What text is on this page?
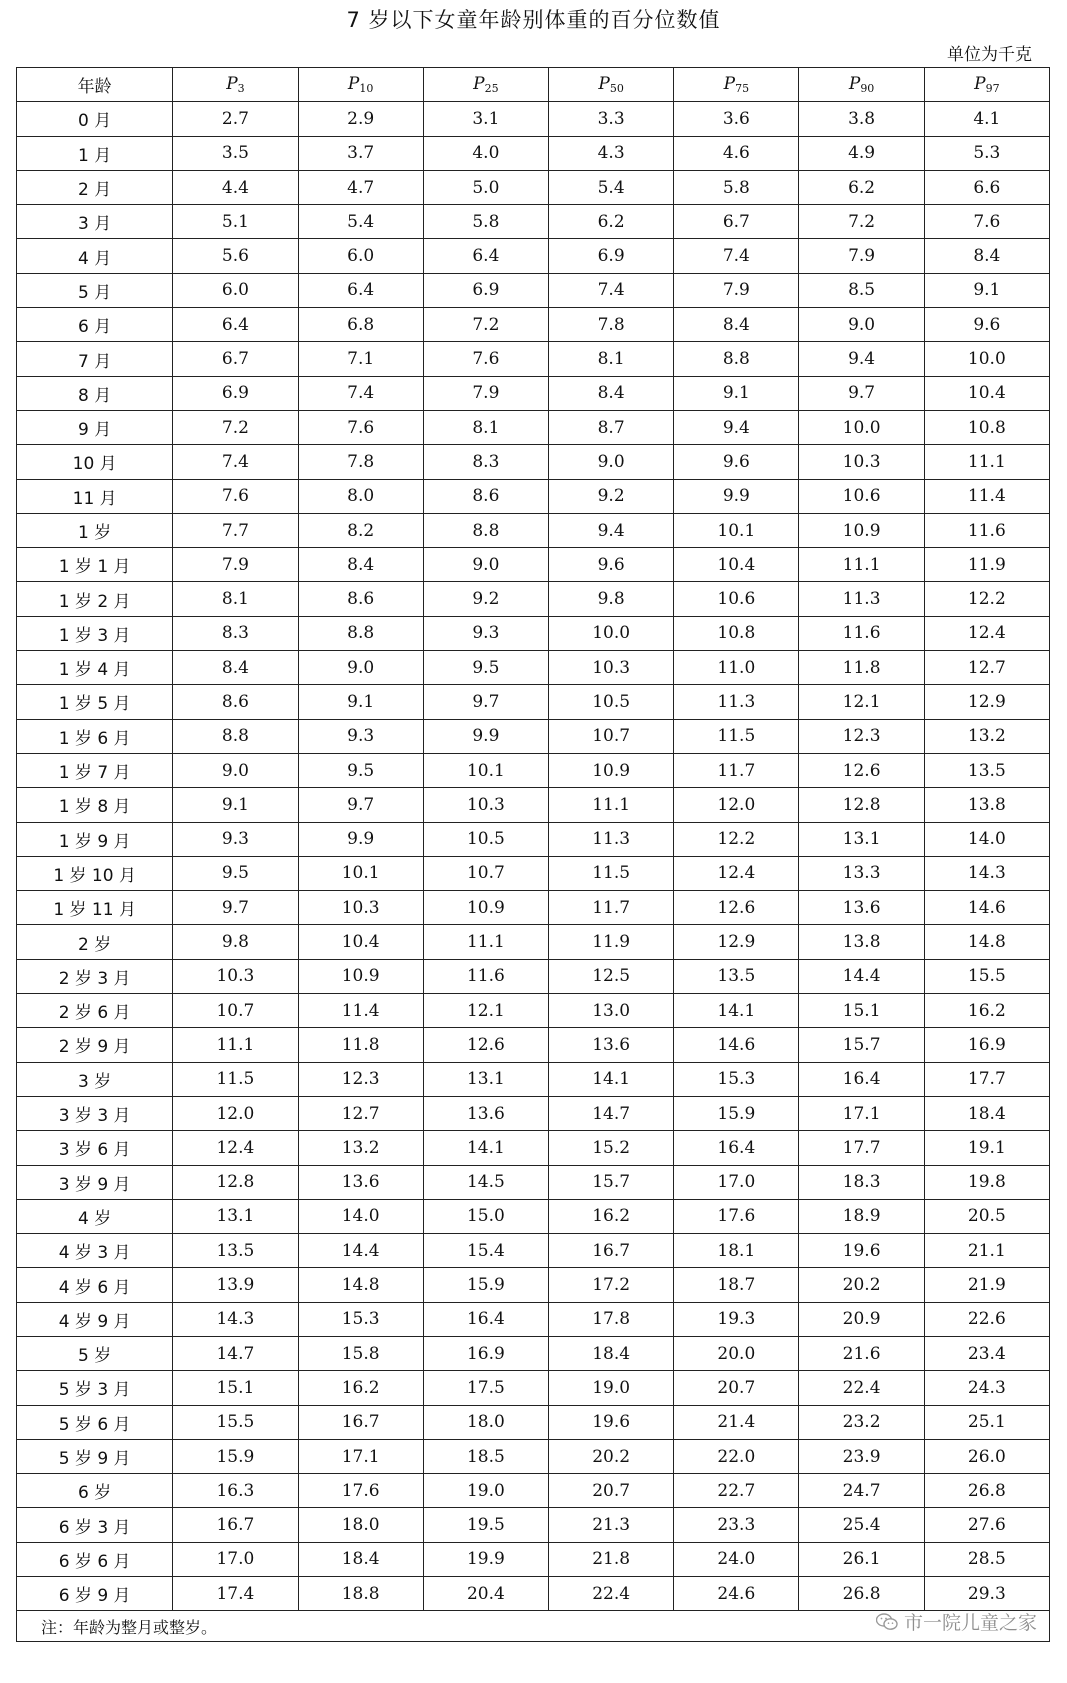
7 岁以下女童年龄别体重的百分位数值
单位为千克
年龄	$P_3$	$P_{10}$	$P_{25}$	$P_{50}$	$P_{75}$	$P_{90}$	$P_{97}$
0 月	2.7	2.9	3.1	3.3	3.6	3.8	4.1
1 月	3.5	3.7	4.0	4.3	4.6	4.9	5.3
2 月	4.4	4.7	5.0	5.4	5.8	6.2	6.6
3 月	5.1	5.4	5.8	6.2	6.7	7.2	7.6
4 月	5.6	6.0	6.4	6.9	7.4	7.9	8.4
5 月	6.0	6.4	6.9	7.4	7.9	8.5	9.1
6 月	6.4	6.8	7.2	7.8	8.4	9.0	9.6
7 月	6.7	7.1	7.6	8.1	8.8	9.4	10.0
8 月	6.9	7.4	7.9	8.4	9.1	9.7	10.4
9 月	7.2	7.6	8.1	8.7	9.4	10.0	10.8
10 月	7.4	7.8	8.3	9.0	9.6	10.3	11.1
11 月	7.6	8.0	8.6	9.2	9.9	10.6	11.4
1 岁	7.7	8.2	8.8	9.4	10.1	10.9	11.6
1 岁 1 月	7.9	8.4	9.0	9.6	10.4	11.1	11.9
1 岁 2 月	8.1	8.6	9.2	9.8	10.6	11.3	12.2
1 岁 3 月	8.3	8.8	9.3	10.0	10.8	11.6	12.4
1 岁 4 月	8.4	9.0	9.5	10.3	11.0	11.8	12.7
1 岁 5 月	8.6	9.1	9.7	10.5	11.3	12.1	12.9
1 岁 6 月	8.8	9.3	9.9	10.7	11.5	12.3	13.2
1 岁 7 月	9.0	9.5	10.1	10.9	11.7	12.6	13.5
1 岁 8 月	9.1	9.7	10.3	11.1	12.0	12.8	13.8
1 岁 9 月	9.3	9.9	10.5	11.3	12.2	13.1	14.0
1 岁 10 月	9.5	10.1	10.7	11.5	12.4	13.3	14.3
1 岁 11 月	9.7	10.3	10.9	11.7	12.6	13.6	14.6
2 岁	9.8	10.4	11.1	11.9	12.9	13.8	14.8
2 岁 3 月	10.3	10.9	11.6	12.5	13.5	14.4	15.5
2 岁 6 月	10.7	11.4	12.1	13.0	14.1	15.1	16.2
2 岁 9 月	11.1	11.8	12.6	13.6	14.6	15.7	16.9
3 岁	11.5	12.3	13.1	14.1	15.3	16.4	17.7
3 岁 3 月	12.0	12.7	13.6	14.7	15.9	17.1	18.4
3 岁 6 月	12.4	13.2	14.1	15.2	16.4	17.7	19.1
3 岁 9 月	12.8	13.6	14.5	15.7	17.0	18.3	19.8
4 岁	13.1	14.0	15.0	16.2	17.6	18.9	20.5
4 岁 3 月	13.5	14.4	15.4	16.7	18.1	19.6	21.1
4 岁 6 月	13.9	14.8	15.9	17.2	18.7	20.2	21.9
4 岁 9 月	14.3	15.3	16.4	17.8	19.3	20.9	22.6
5 岁	14.7	15.8	16.9	18.4	20.0	21.6	23.4
5 岁 3 月	15.1	16.2	17.5	19.0	20.7	22.4	24.3
5 岁 6 月	15.5	16.7	18.0	19.6	21.4	23.2	25.1
5 岁 9 月	15.9	17.1	18.5	20.2	22.0	23.9	26.0
6 岁	16.3	17.6	19.0	20.7	22.7	24.7	26.8
6 岁 3 月	16.7	18.0	19.5	21.3	23.3	25.4	27.6
6 岁 6 月	17.0	18.4	19.9	21.8	24.0	26.1	28.5
6 岁 9 月	17.4	18.8	20.4	22.4	24.6	26.8	29.3
注：年龄为整月或整岁。 市一院儿童之家							
